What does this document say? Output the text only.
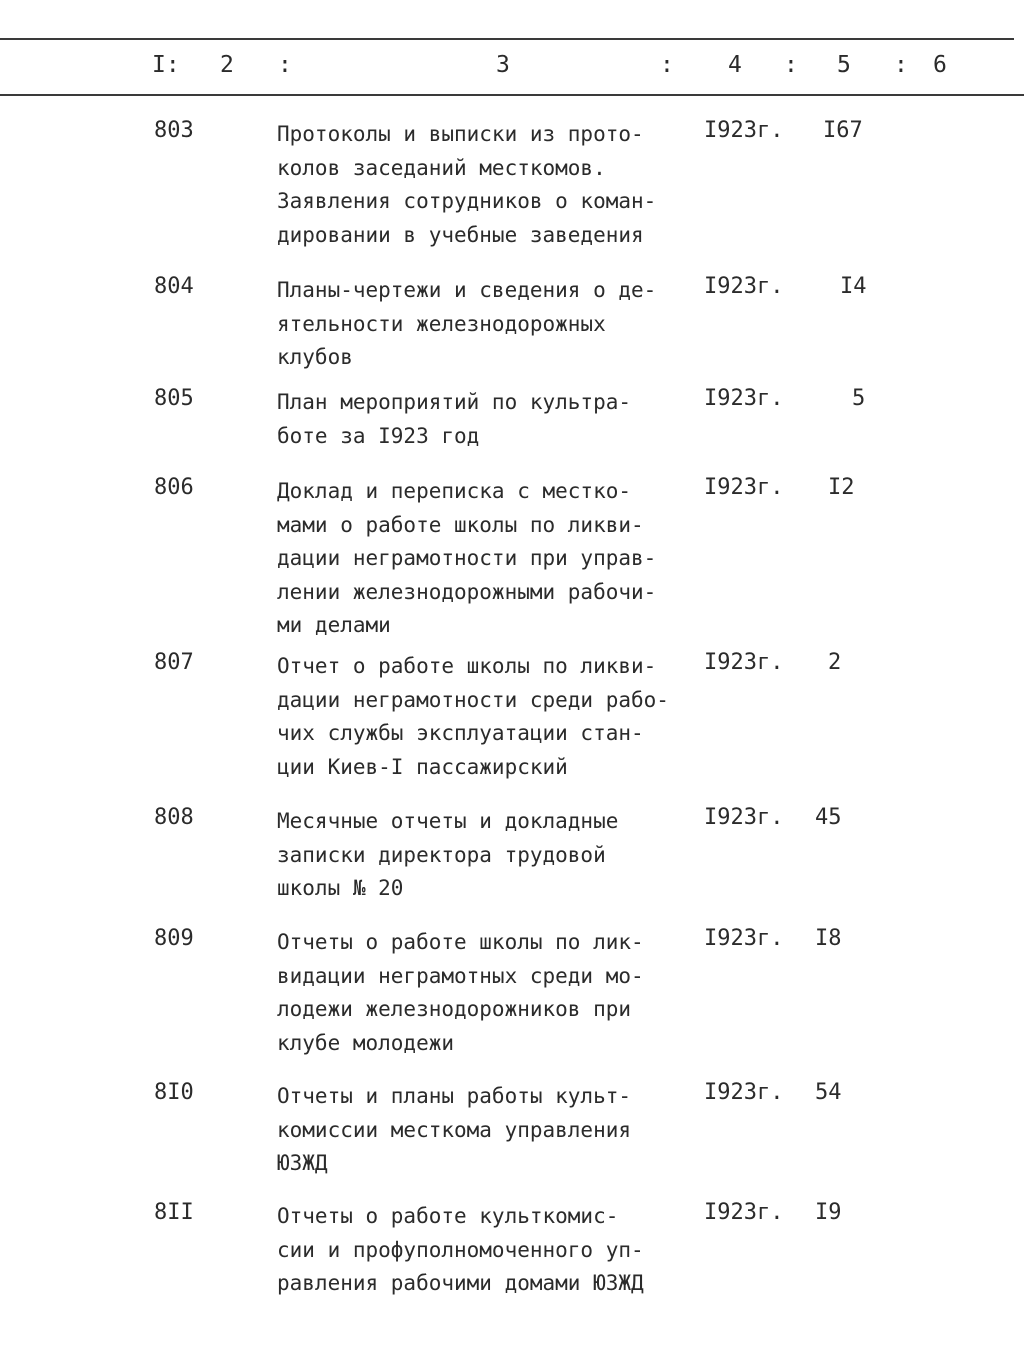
I: 2 :	3	: 4 : 5 : 6
803	Протоколы и выписки из прото-
колов заседаний месткомов.
Заявления сотрудников о коман-
дировании в учебные заведения
I923г. I67
804	Планы-чертежи и сведения о де-
ятельности железнодорожных
клубов
I923г.	I4
805	План мероприятий по культра-
боте за I923 год
I923г.	5
806	Доклад и переписка с местко-
мами о работе школы по ликви-
дации неграмотности при управ-
лении железнодорожными рабочи-
ми делами
I923г. I2
807	Отчет о работе школы по ликви-
дации неграмотности среди рабо-
чих службы эксплуатации стан-
ции Киев-I пассажирский
I923г. 2
808	Месячные отчеты и докладные
записки директора трудовой
школы № 20
I923г. 45
809	Отчеты о работе школы по лик-
видации неграмотных среди мо-
лодежи железнодорожников при
клубе молодежи
I923г. I8
8I0	Отчеты и планы работы культ-
комиссии месткома управления
ЮЗЖД
I923г. 54
8II	Отчеты о работе культкомис-
сии и профуполномоченного уп-
равления рабочими домами ЮЗЖД
I923г. I9
